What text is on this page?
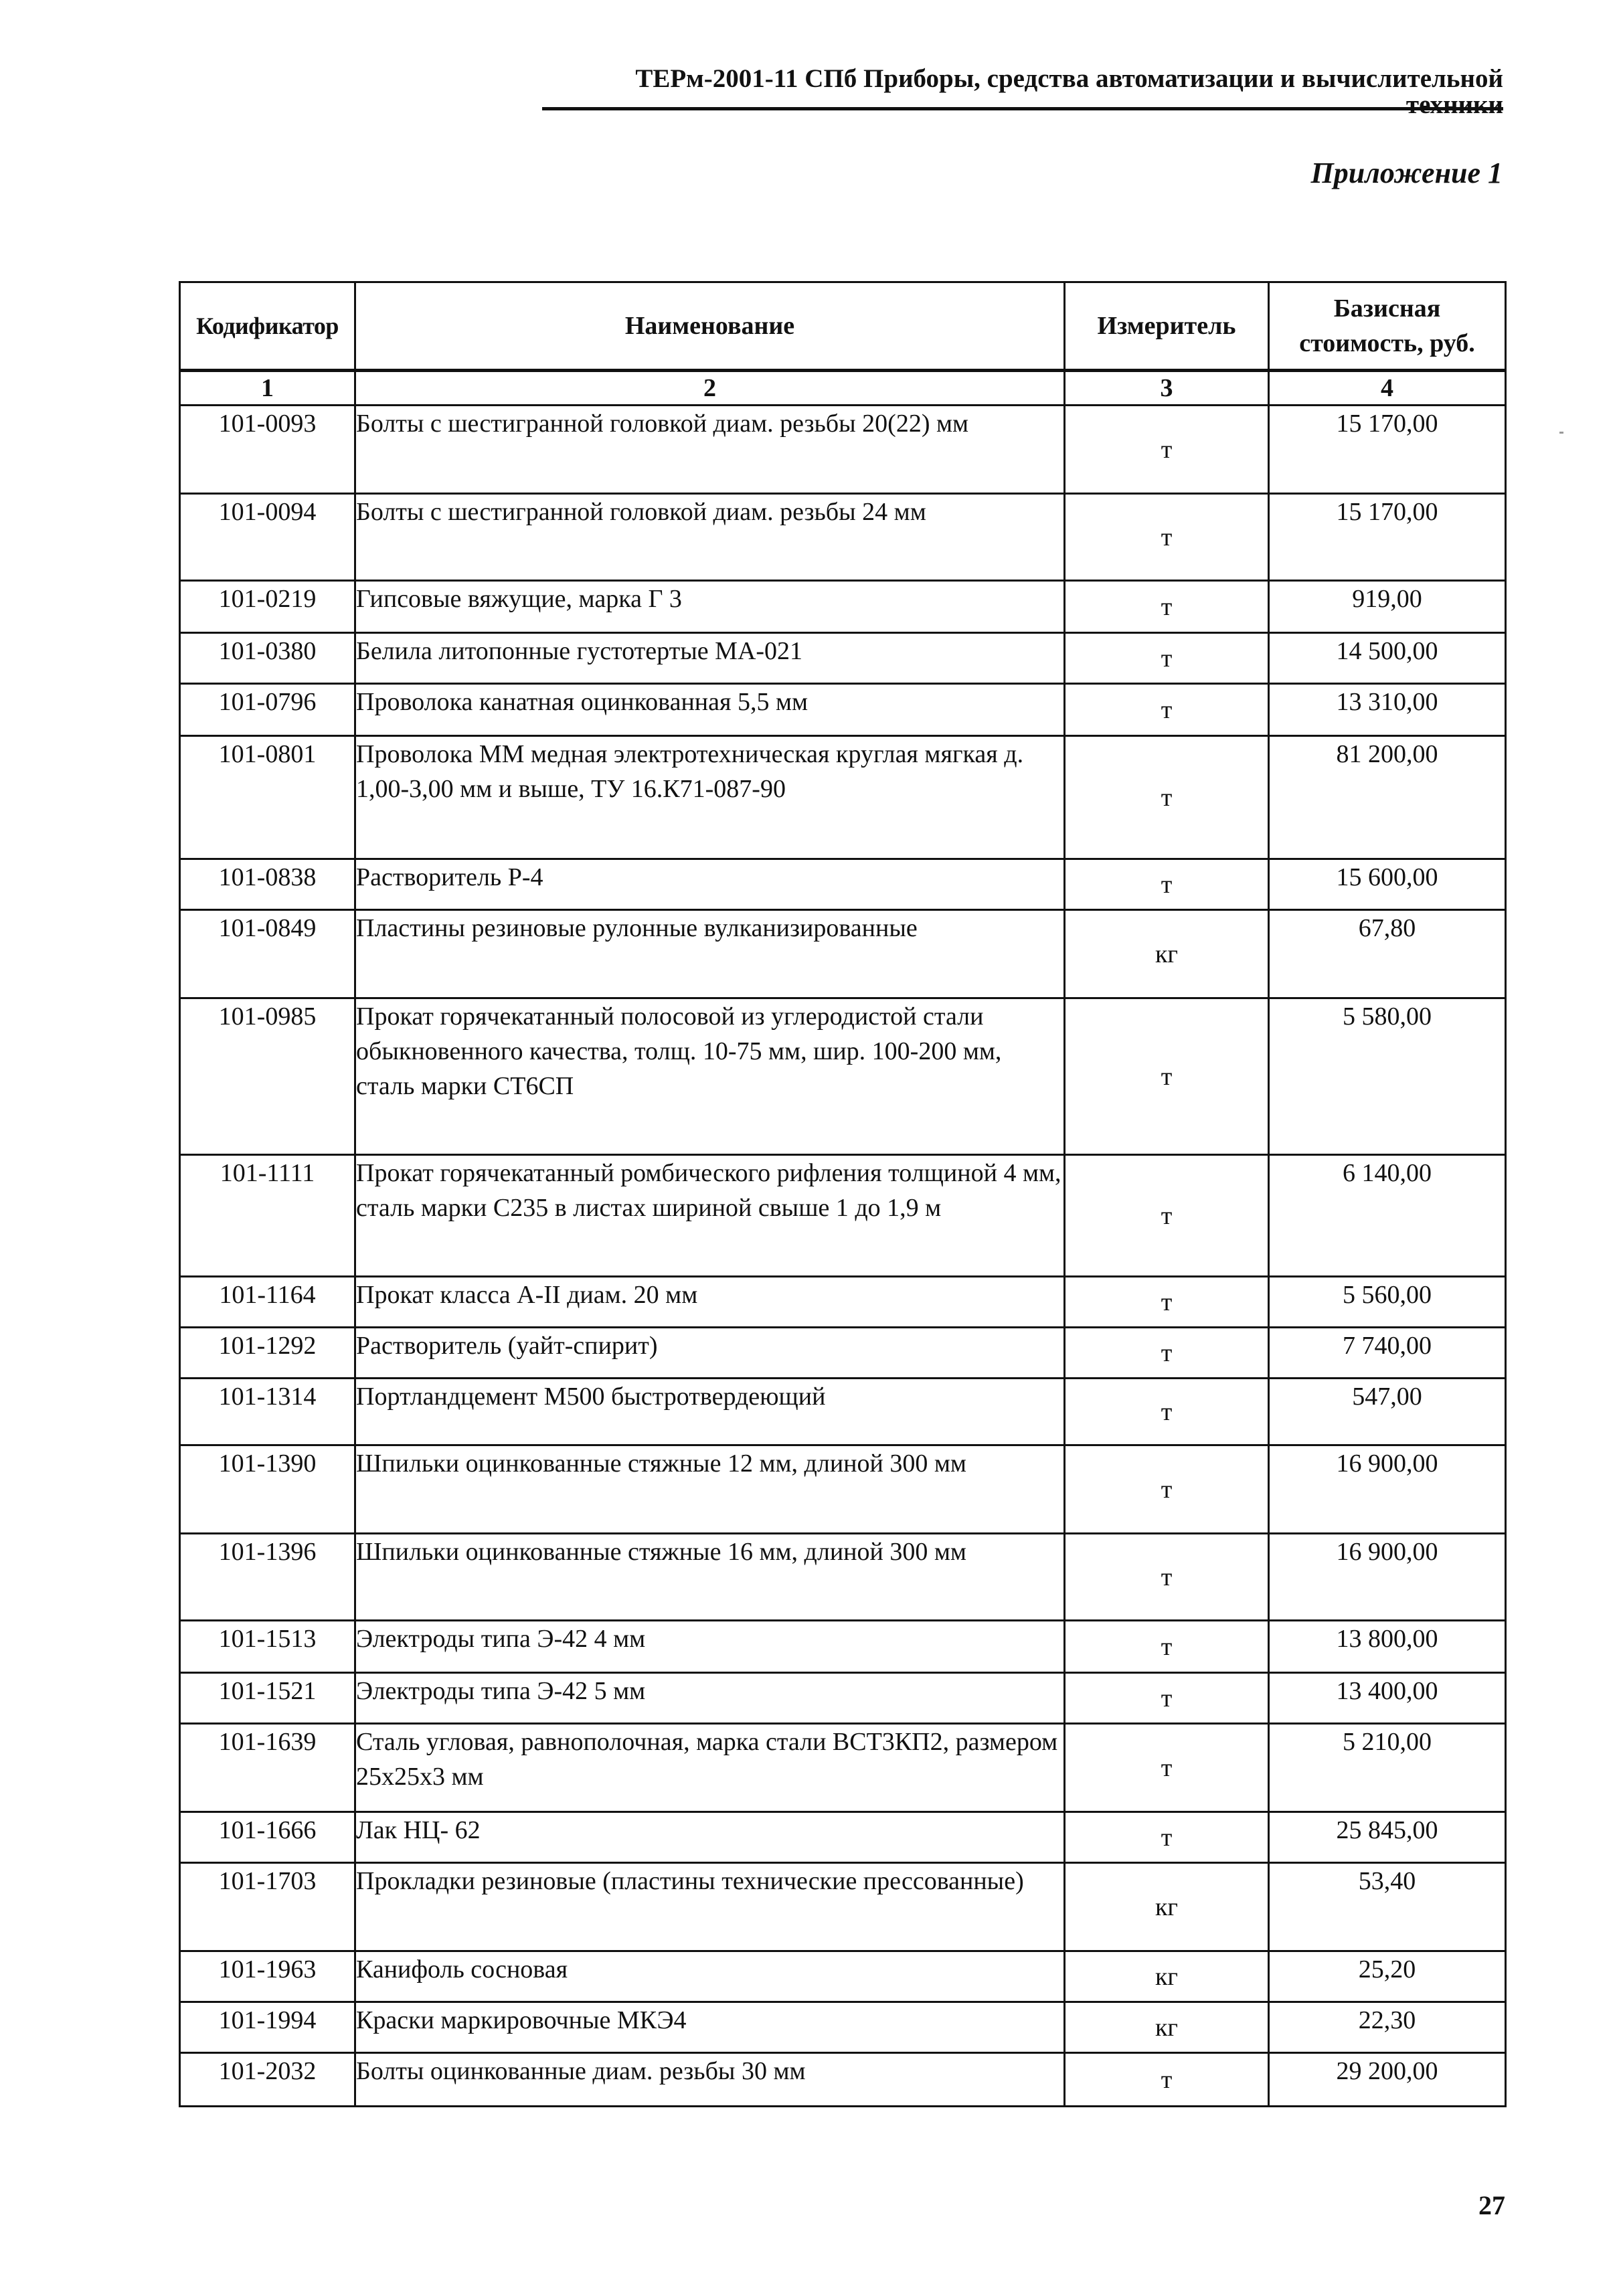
ТЕРм-2001-11 СПб Приборы, средства автоматизации и вычислительной техники
Приложение 1
Кодификатор	Наименование	Измеритель	Базисная стоимость, руб.
1	2	3	4
101-0093	Болты с шестигранной головкой диам. резьбы 20(22) мм	т	15 170,00
101-0094	Болты с шестигранной головкой диам. резьбы 24 мм	т	15 170,00
101-0219	Гипсовые вяжущие, марка Г 3	т	919,00
101-0380	Белила литопонные густотертые МА-021	т	14 500,00
101-0796	Проволока канатная оцинкованная 5,5 мм	т	13 310,00
101-0801	Проволока ММ медная электротехническая круглая мягкая д. 1,00-3,00 мм и выше, ТУ 16.К71-087-90	т	81 200,00
101-0838	Растворитель Р-4	т	15 600,00
101-0849	Пластины резиновые рулонные вулканизированные	кг	67,80
101-0985	Прокат горячекатанный полосовой из углеродистой стали обыкновенного качества, толщ. 10-75 мм, шир. 100-200 мм, сталь марки СТ6СП	т	5 580,00
101-1111	Прокат горячекатанный ромбического рифления толщиной 4 мм, сталь марки С235 в листах шириной свыше 1 до 1,9 м	т	6 140,00
101-1164	Прокат класса А-II диам. 20 мм	т	5 560,00
101-1292	Растворитель (уайт-спирит)	т	7 740,00
101-1314	Портландцемент М500 быстротвердеющий	т	547,00
101-1390	Шпильки оцинкованные стяжные 12 мм, длиной 300 мм	т	16 900,00
101-1396	Шпильки оцинкованные стяжные 16 мм, длиной 300 мм	т	16 900,00
101-1513	Электроды типа Э-42 4 мм	т	13 800,00
101-1521	Электроды типа Э-42 5 мм	т	13 400,00
101-1639	Сталь угловая, равнополочная, марка стали ВСТ3КП2, размером 25х25х3 мм	т	5 210,00
101-1666	Лак НЦ- 62	т	25 845,00
101-1703	Прокладки резиновые (пластины технические прессованные)	кг	53,40
101-1963	Канифоль сосновая	кг	25,20
101-1994	Краски маркировочные МКЭ4	кг	22,30
101-2032	Болты оцинкованные диам. резьбы 30 мм	т	29 200,00
27
